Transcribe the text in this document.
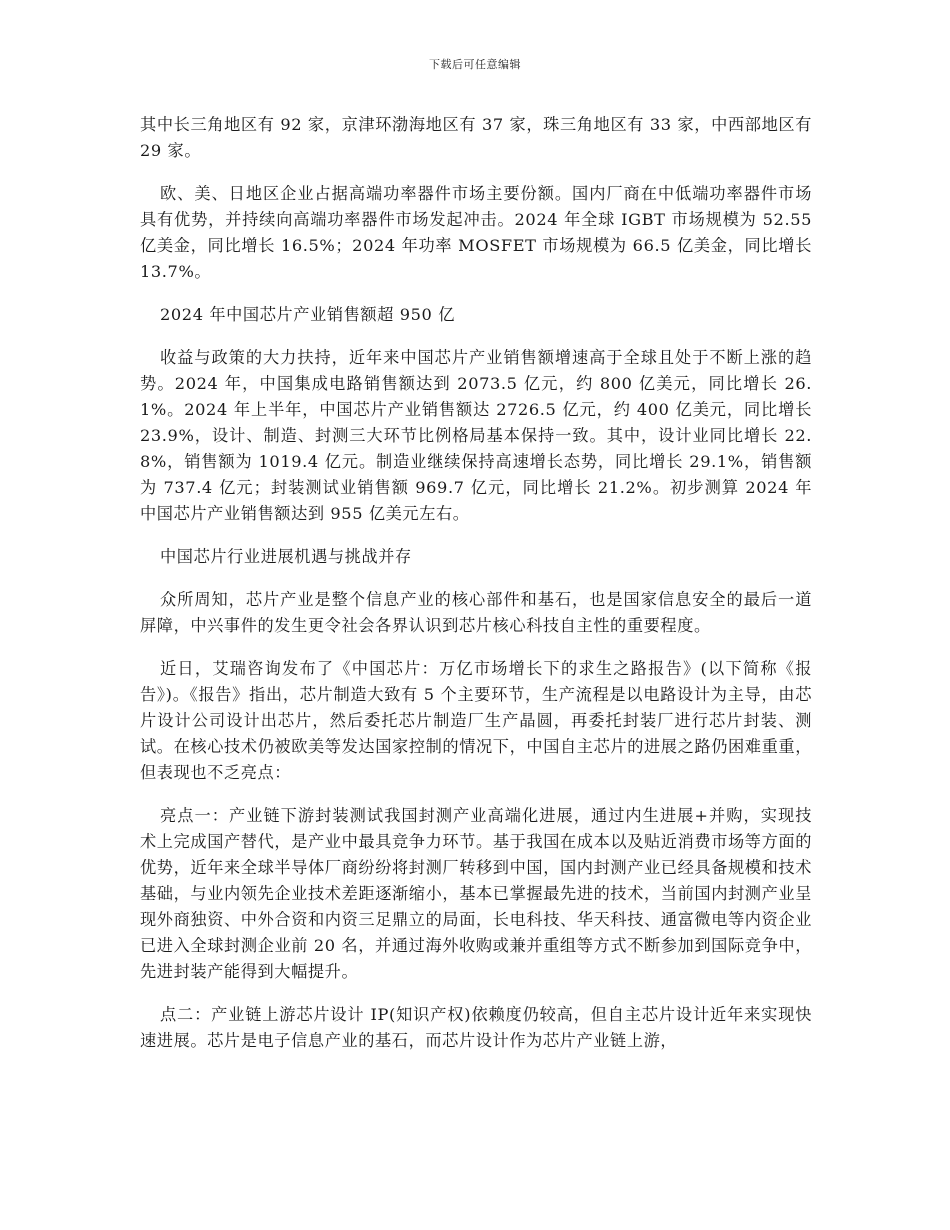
下载后可任意编辑

其中长三角地区有 92 家，京津环渤海地区有 37 家，珠三角地区有 33 家，中西部地区有 29 家。

欧、美、日地区企业占据高端功率器件市场主要份额。国内厂商在中低端功率器件市场具有优势，并持续向高端功率器件市场发起冲击。2024 年全球 IGBT 市场规模为 52.55 亿美金，同比增长 16.5%；2024 年功率 MOSFET 市场规模为 66.5 亿美金，同比增长 13.7%。

2024 年中国芯片产业销售额超 950 亿

收益与政策的大力扶持，近年来中国芯片产业销售额增速高于全球且处于不断上涨的趋势。2024 年，中国集成电路销售额达到 2073.5 亿元，约 800 亿美元，同比增长 26.1%。2024 年上半年，中国芯片产业销售额达 2726.5 亿元，约 400 亿美元，同比增长 23.9%，设计、制造、封测三大环节比例格局基本保持一致。其中，设计业同比增长 22.8%，销售额为 1019.4 亿元。制造业继续保持高速增长态势，同比增长 29.1%，销售额为 737.4 亿元；封装测试业销售额 969.7 亿元，同比增长 21.2%。初步测算 2024 年中国芯片产业销售额达到 955 亿美元左右。

中国芯片行业进展机遇与挑战并存

众所周知，芯片产业是整个信息产业的核心部件和基石，也是国家信息安全的最后一道屏障，中兴事件的发生更令社会各界认识到芯片核心科技自主性的重要程度。

近日，艾瑞咨询发布了《中国芯片：万亿市场增长下的求生之路报告》(以下简称《报告》)。《报告》指出，芯片制造大致有 5 个主要环节，生产流程是以电路设计为主导，由芯片设计公司设计出芯片，然后委托芯片制造厂生产晶圆，再委托封装厂进行芯片封装、测试。在核心技术仍被欧美等发达国家控制的情况下，中国自主芯片的进展之路仍困难重重，但表现也不乏亮点：

亮点一：产业链下游封装测试我国封测产业高端化进展，通过内生进展+并购，实现技术上完成国产替代，是产业中最具竞争力环节。基于我国在成本以及贴近消费市场等方面的优势，近年来全球半导体厂商纷纷将封测厂转移到中国，国内封测产业已经具备规模和技术基础，与业内领先企业技术差距逐渐缩小，基本已掌握最先进的技术，当前国内封测产业呈现外商独资、中外合资和内资三足鼎立的局面，长电科技、华天科技、通富微电等内资企业已进入全球封测企业前 20 名，并通过海外收购或兼并重组等方式不断参加到国际竞争中，先进封装产能得到大幅提升。

点二：产业链上游芯片设计 IP(知识产权)依赖度仍较高，但自主芯片设计近年来实现快速进展。芯片是电子信息产业的基石，而芯片设计作为芯片产业链上游，
